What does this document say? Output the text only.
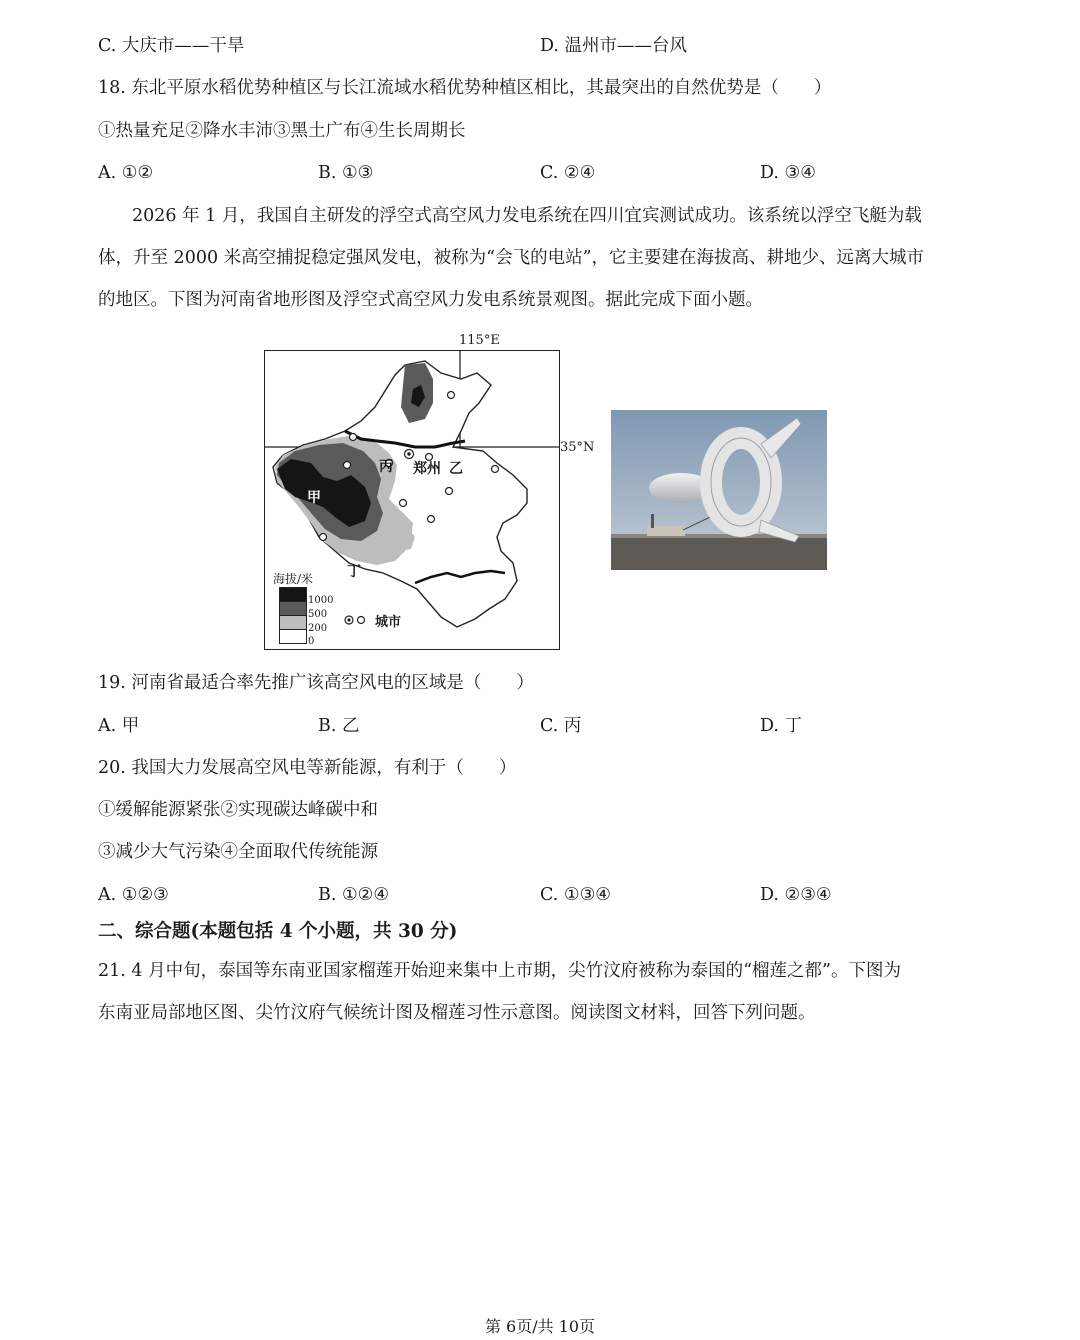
C. 大庆市——干旱	D. 温州市——台风
18. 东北平原水稻优势种植区与长江流域水稻优势种植区相比，其最突出的自然优势是（　　）
①热量充足②降水丰沛③黑土广布④生长周期长
A. ①②	B. ①③	C. ②④	D. ③④
2026 年 1 月，我国自主研发的浮空式高空风力发电系统在四川宜宾测试成功。该系统以浮空飞艇为载
体，升至 2000 米高空捕捉稳定强风发电，被称为“会飞的电站”，它主要建在海拔高、耕地少、远离大城市
的地区。下图为河南省地形图及浮空式高空风力发电系统景观图。据此完成下面小题。
115°E
35°N
甲
丙 郑州 乙
丁
海拔/米
1000
500
200
0
城市
19. 河南省最适合率先推广该高空风电的区域是（　　）
A. 甲	B. 乙	C. 丙	D. 丁
20. 我国大力发展高空风电等新能源，有利于（　　）
①缓解能源紧张②实现碳达峰碳中和
③减少大气污染④全面取代传统能源
A. ①②③	B. ①②④	C. ①③④	D. ②③④
二、综合题(本题包括 4 个小题，共 30 分)
21. 4 月中旬，泰国等东南亚国家榴莲开始迎来集中上市期，尖竹汶府被称为泰国的“榴莲之都”。下图为
东南亚局部地区图、尖竹汶府气候统计图及榴莲习性示意图。阅读图文材料，回答下列问题。
第 6页/共 10页
